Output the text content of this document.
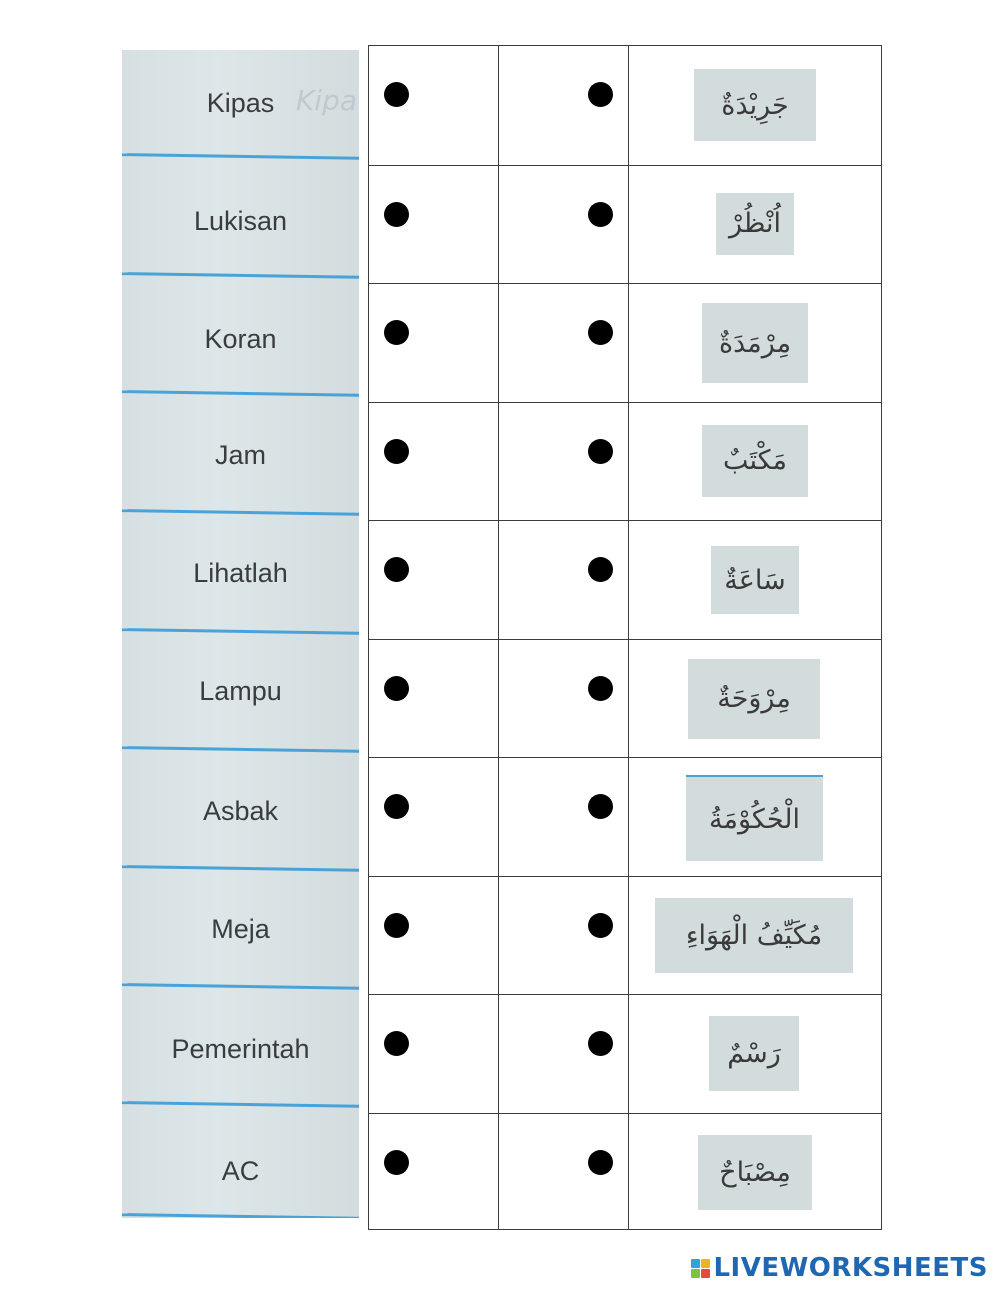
Kipas Kipa
Lukisan
Koran
Jam
Lihatlah
Lampu
Asbak
Meja
Pemerintah
AC
جَرِيْدَةٌ
اُنْظُرْ
مِرْمَدَةٌ
مَكْتَبٌ
سَاعَةٌ
مِرْوَحَةٌ
الْحُكُوْمَةُ
مُكَيِّفُ الْهَوَاءِ
رَسْمٌ
مِصْبَاحٌ
LIVEWORKSHEETS
